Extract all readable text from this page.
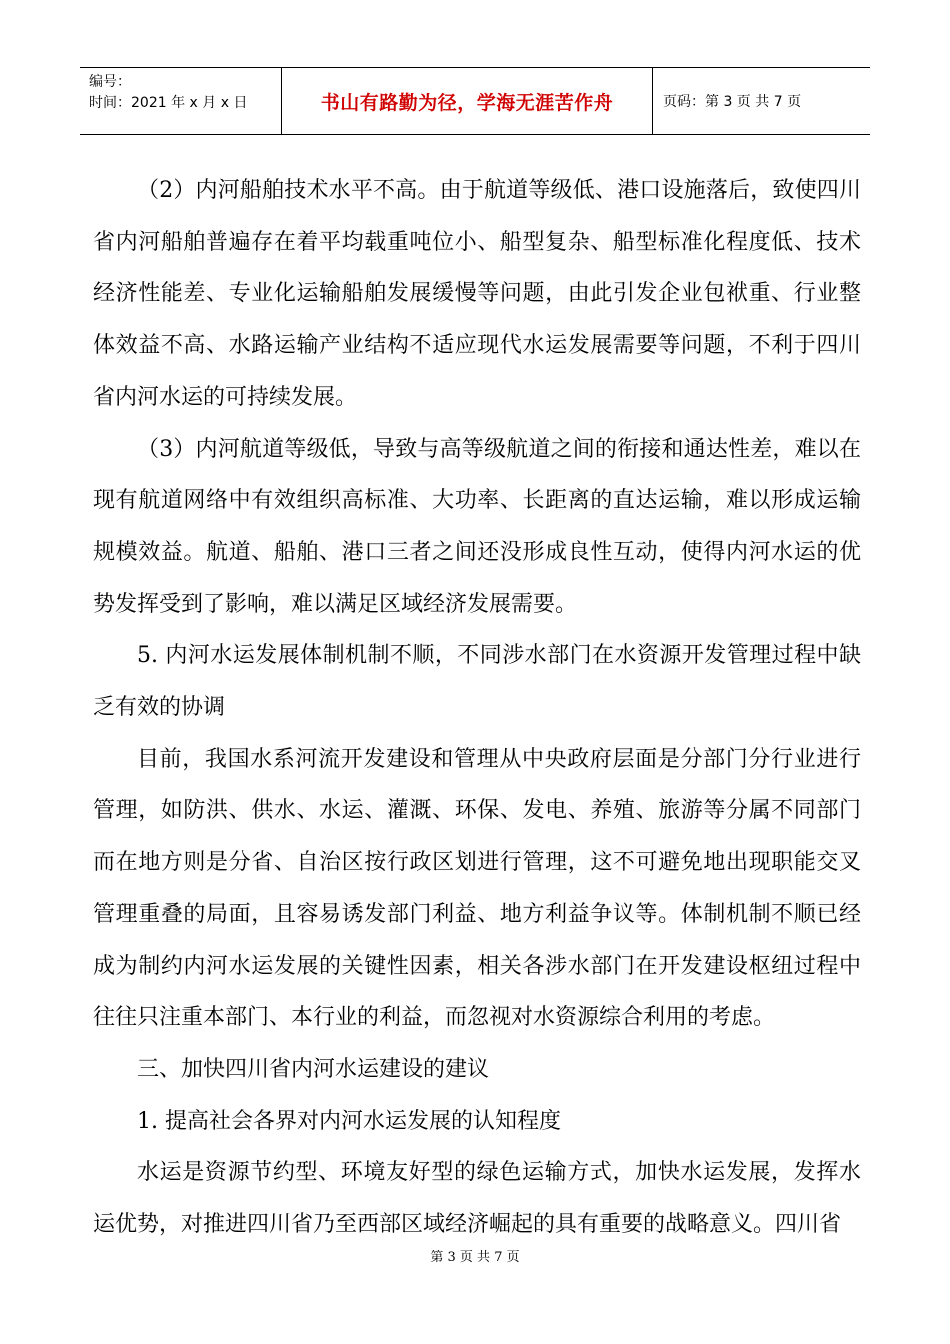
编号：
时间：2021 年 x 月 x 日	书山有路勤为径，学海无涯苦作舟	页码：第 3 页 共 7 页

（2）内河船舶技术水平不高。由于航道等级低、港口设施落后，致使四川省内河船舶普遍存在着平均载重吨位小、船型复杂、船型标准化程度低、技术经济性能差、专业化运输船舶发展缓慢等问题，由此引发企业包袱重、行业整体效益不高、水路运输产业结构不适应现代水运发展需要等问题，不利于四川省内河水运的可持续发展。

（3）内河航道等级低，导致与高等级航道之间的衔接和通达性差，难以在现有航道网络中有效组织高标准、大功率、长距离的直达运输，难以形成运输规模效益。航道、船舶、港口三者之间还没形成良性互动，使得内河水运的优势发挥受到了影响，难以满足区域经济发展需要。

5. 内河水运发展体制机制不顺，不同涉水部门在水资源开发管理过程中缺乏有效的协调

目前，我国水系河流开发建设和管理从中央政府层面是分部门分行业进行管理，如防洪、供水、水运、灌溉、环保、发电、养殖、旅游等分属不同部门而在地方则是分省、自治区按行政区划进行管理，这不可避免地出现职能交叉管理重叠的局面，且容易诱发部门利益、地方利益争议等。体制机制不顺已经成为制约内河水运发展的关键性因素，相关各涉水部门在开发建设枢纽过程中往往只注重本部门、本行业的利益，而忽视对水资源综合利用的考虑。

三、加快四川省内河水运建设的建议

1. 提高社会各界对内河水运发展的认知程度

水运是资源节约型、环境友好型的绿色运输方式，加快水运发展，发挥水运优势，对推进四川省乃至西部区域经济崛起的具有重要的战略意义。四川省

第 3 页 共 7 页
